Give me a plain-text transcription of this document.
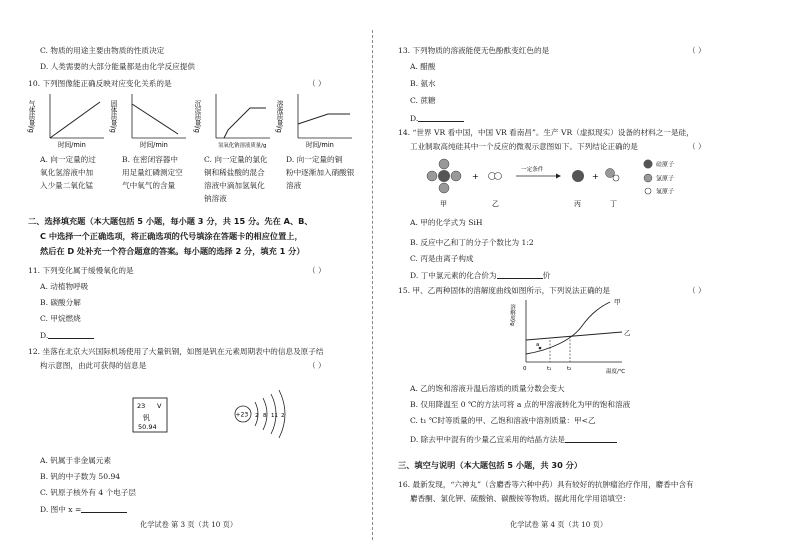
C. 物质的用途主要由物质的性质决定
D. 人类需要的大部分能量都是由化学反应提供
10. 下列图像能正确反映对应变化关系的是	（ ）
气体质量/g	固体质量/g	沉淀质量/g	溶液质量/g
时间/min	时间/min	氢氧化钠溶液质量/g	时间/min
A. 向一定量的过
氧化氢溶液中加
入少量二氧化锰
B. 在密闭容器中
用足量红磷测定空
气中氧气的含量
C. 向一定量的氯化
铜和稀盐酸的混合
溶液中滴加氢氧化
钠溶液
D. 向一定量的铜
粉中逐渐加入硝酸银
溶液
二、选择填充题（本大题包括 5 小题，每小题 3 分，共 15 分。先在 A、B、
C 中选择一个正确选项，将正确选项的代号填涂在答题卡的相应位置上，
然后在 D 处补充一个符合题意的答案。每小题的选择 2 分，填充 1 分）
11. 下列变化属于缓慢氧化的是	（ ）
A. 动植物呼吸
B. 碳酸分解
C. 甲烷燃烧
D.
12. 坐落在北京大兴国际机场使用了大量钒钢，如图是钒在元素周期表中的信息及原子结
构示意图，由此可获得的信息是	（ ）
23 V
钒
50.94
+23 2 8 11 2
A. 钒属于非金属元素
B. 钒的中子数为 50.94
C. 钒原子核外有 4 个电子层
D. 图中 x =
化学试卷 第 3 页（共 10 页）
13. 下列物质的溶液能使无色酚酞变红色的是	（ ）
A. 醋酸
B. 氨水
C. 蔗糖
D.
14. “世界 VR 看中国，中国 VR 看南昌”。生产 VR（虚拟现实）设备的材料之一是硅，
工业制取高纯硅其中一个反应的微观示意图如下。下列结论正确的是	（ ）
+
一定条件
+
甲	乙	丙	丁
硅原子
氯原子
氢原子
A. 甲的化学式为 SiH
B. 反应中乙和丁的分子个数比为 1:2
C. 丙是由离子构成
D. 丁中氯元素的化合价为	价
15. 甲、乙两种固体的溶解度曲线如图所示，下列说法正确的是	（ ）
溶解度/g
温度/℃
甲
乙
a
0	t₁	t₂
A. 乙的饱和溶液升温后溶质的质量分数会变大
B. 仅用降温至 0 ℃的方法可将 a 点的甲溶液转化为甲的饱和溶液
C. t₁ ℃时等质量的甲、乙饱和溶液中溶剂质量：甲<乙
D. 除去甲中混有的少量乙宜采用的结晶方法是
三、填空与说明（本大题包括 5 小题，共 30 分）
16. 最新发现，“六神丸”（含麝香等六种中药）具有较好的抗肿瘤治疗作用，麝香中含有
麝香酮、氯化钾、硫酸钠、碳酸铵等物质。据此用化学用语填空：
化学试卷 第 4 页（共 10 页）
